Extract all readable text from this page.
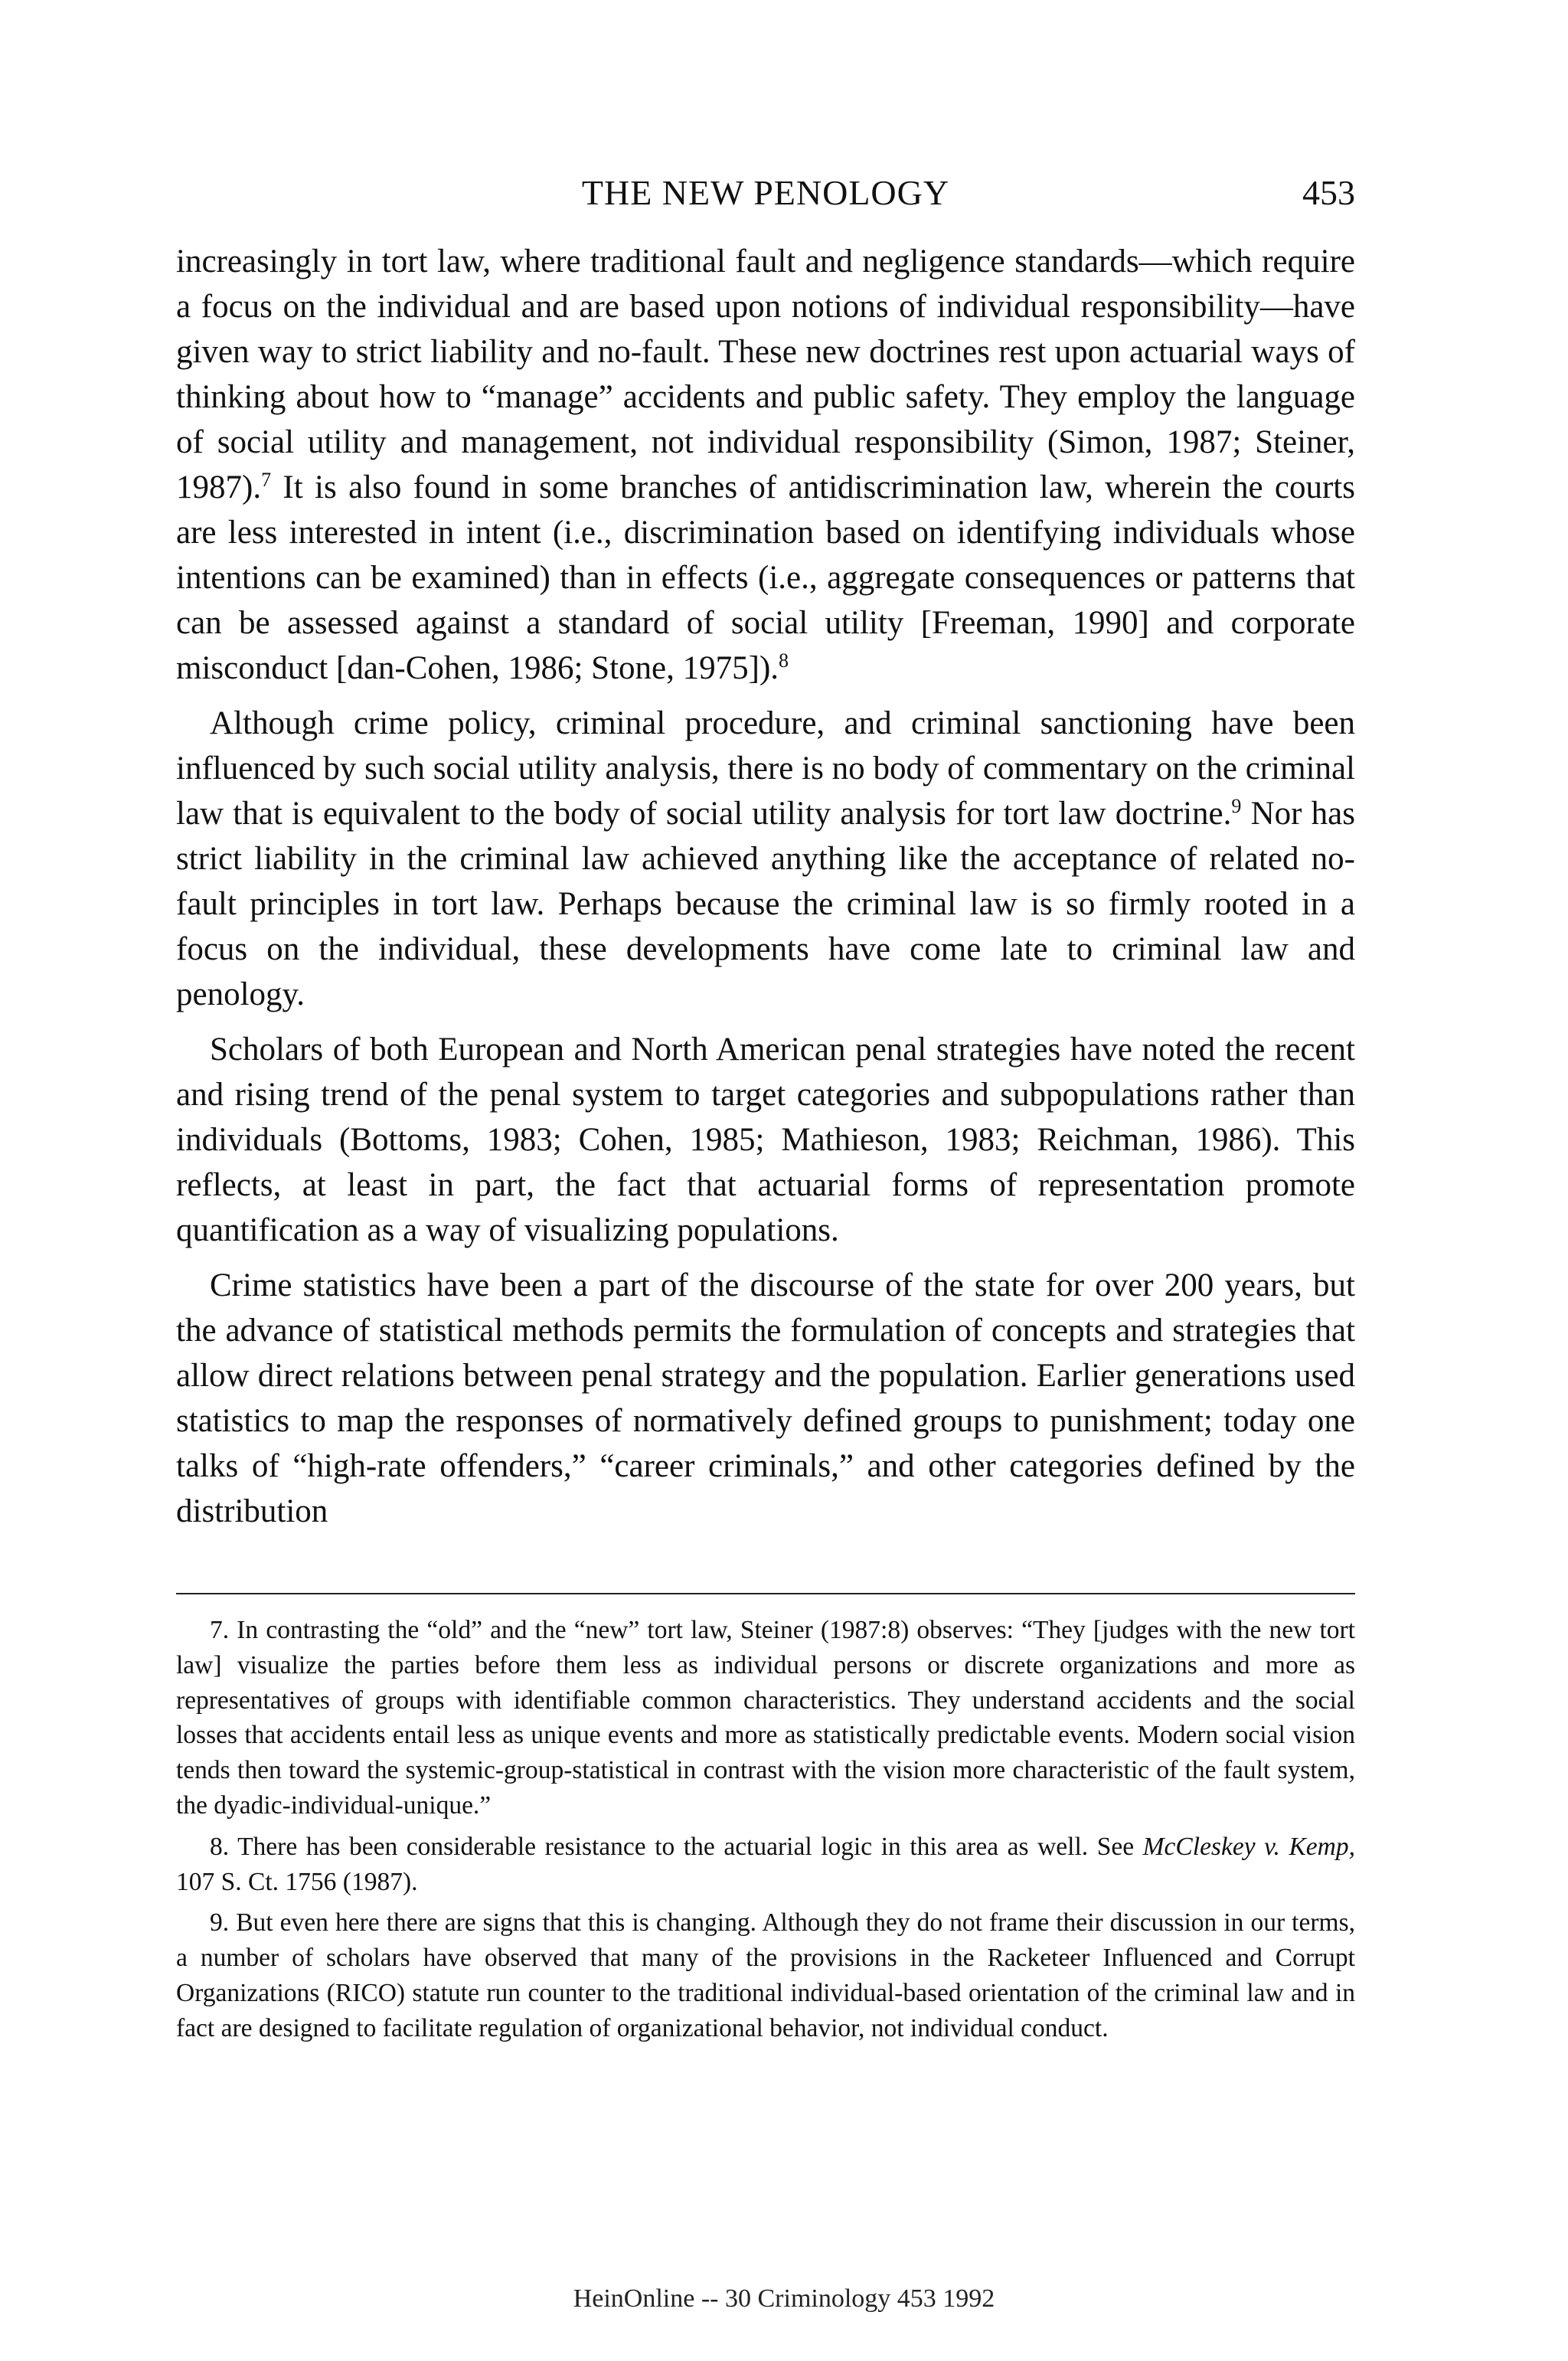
THE NEW PENOLOGY	453

increasingly in tort law, where traditional fault and negligence standards—which require a focus on the individual and are based upon notions of individual responsibility—have given way to strict liability and no-fault. These new doctrines rest upon actuarial ways of thinking about how to “manage” accidents and public safety. They employ the language of social utility and management, not individual responsibility (Simon, 1987; Steiner, 1987).$^7$ It is also found in some branches of antidiscrimination law, wherein the courts are less interested in intent (i.e., discrimination based on identifying individuals whose intentions can be examined) than in effects (i.e., aggregate consequences or patterns that can be assessed against a standard of social utility [Freeman, 1990] and corporate misconduct [dan-Cohen, 1986; Stone, 1975]).$^8$

Although crime policy, criminal procedure, and criminal sanctioning have been influenced by such social utility analysis, there is no body of commentary on the criminal law that is equivalent to the body of social utility analysis for tort law doctrine.$^9$ Nor has strict liability in the criminal law achieved anything like the acceptance of related no-fault principles in tort law. Perhaps because the criminal law is so firmly rooted in a focus on the individual, these developments have come late to criminal law and penology.

Scholars of both European and North American penal strategies have noted the recent and rising trend of the penal system to target categories and subpopulations rather than individuals (Bottoms, 1983; Cohen, 1985; Mathieson, 1983; Reichman, 1986). This reflects, at least in part, the fact that actuarial forms of representation promote quantification as a way of visualizing populations.

Crime statistics have been a part of the discourse of the state for over 200 years, but the advance of statistical methods permits the formulation of concepts and strategies that allow direct relations between penal strategy and the population. Earlier generations used statistics to map the responses of normatively defined groups to punishment; today one talks of “high-rate offenders,” “career criminals,” and other categories defined by the distribution

7. In contrasting the “old” and the “new” tort law, Steiner (1987:8) observes: “They [judges with the new tort law] visualize the parties before them less as individual persons or discrete organizations and more as representatives of groups with identifiable common characteristics. They understand accidents and the social losses that accidents entail less as unique events and more as statistically predictable events. Modern social vision tends then toward the systemic-group-statistical in contrast with the vision more characteristic of the fault system, the dyadic-individual-unique.”

8. There has been considerable resistance to the actuarial logic in this area as well. See McCleskey v. Kemp, 107 S. Ct. 1756 (1987).

9. But even here there are signs that this is changing. Although they do not frame their discussion in our terms, a number of scholars have observed that many of the provisions in the Racketeer Influenced and Corrupt Organizations (RICO) statute run counter to the traditional individual-based orientation of the criminal law and in fact are designed to facilitate regulation of organizational behavior, not individual conduct.

HeinOnline -- 30 Criminology 453 1992
